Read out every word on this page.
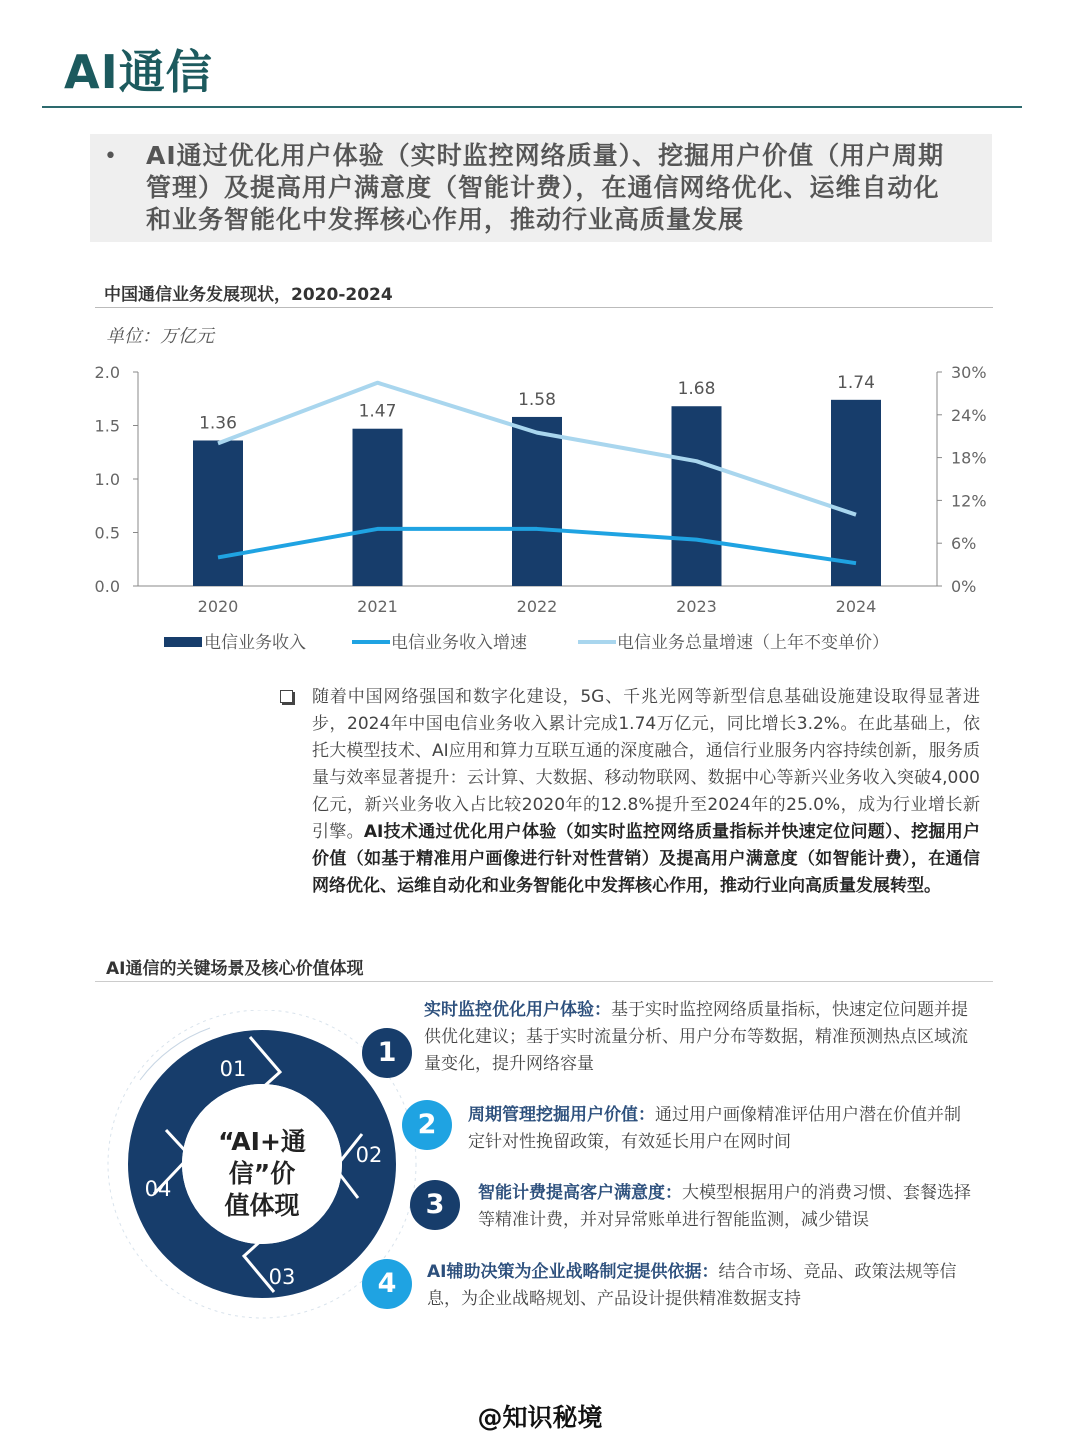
AI通信
• AI通过优化用户体验（实时监控网络质量）、挖掘用户价值（用户周期管理）及提高用户满意度（智能计费），在通信网络优化、运维自动化和业务智能化中发挥核心作用，推动行业高质量发展
中国通信业务发展现状，2020-2024
单位：万亿元
0.0
0.5
1.0
1.5
2.0
0%
6%
12%
18%
24%
30%
2020	2021	2022	2023	2024
1.36
1.47
1.58
1.68	1.74
电信业务收入	电信业务收入增速	电信业务总量增速（上年不变单价）
随着中国网络强国和数字化建设，5G、千兆光网等新型信息基础设施建设取得显著进步，2024年中国电信业务收入累计完成1.74万亿元，同比增长3.2%。在此基础上，依托大模型技术、AI应用和算力互联互通的深度融合，通信行业服务内容持续创新，服务质量与效率显著提升：云计算、大数据、移动物联网、数据中心等新兴业务收入突破4,000亿元，新兴业务收入占比较2020年的12.8%提升至2024年的25.0%，成为行业增长新引擎。AI技术通过优化用户体验（如实时监控网络质量指标并快速定位问题）、挖掘用户价值（如基于精准用户画像进行针对性营销）及提高用户满意度（如智能计费），在通信网络优化、运维自动化和业务智能化中发挥核心作用，推动行业向高质量发展转型。
AI通信的关键场景及核心价值体现
01
02
03
04
“AI+通
信”价
值体现
1
实时监控优化用户体验：基于实时监控网络质量指标，快速定位问题并提供优化建议；基于实时流量分析、用户分布等数据，精准预测热点区域流量变化，提升网络容量
2	周期管理挖掘用户价值：通过用户画像精准评估用户潜在价值并制定针对性挽留政策，有效延长用户在网时间
3	智能计费提高客户满意度：大模型根据用户的消费习惯、套餐选择等精准计费，并对异常账单进行智能监测，减少错误
4	AI辅助决策为企业战略制定提供依据：结合市场、竞品、政策法规等信息，为企业战略规划、产品设计提供精准数据支持
@知识秘境
